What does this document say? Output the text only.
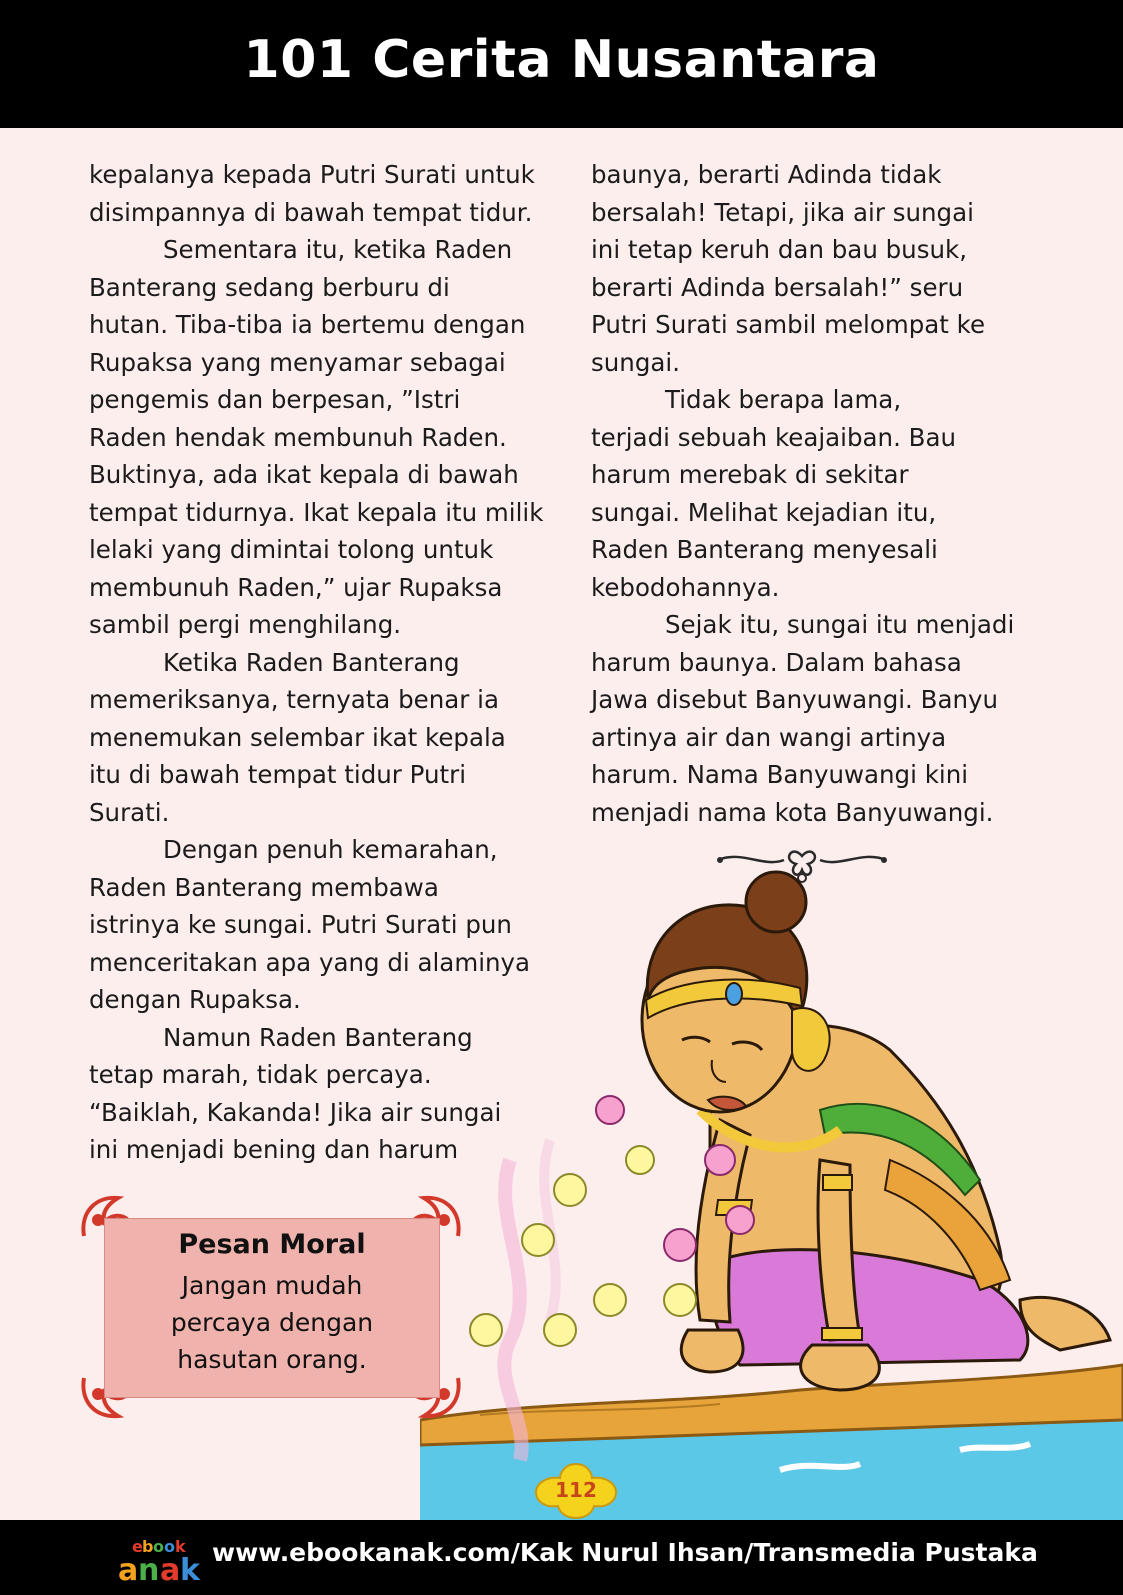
101 Cerita Nusantara
kepalanya kepada Putri Surati untuk
disimpannya di bawah tempat tidur.
Sementara itu, ketika Raden
Banterang sedang berburu di
hutan. Tiba-tiba ia bertemu dengan
Rupaksa yang menyamar sebagai
pengemis dan berpesan, ”Istri
Raden hendak membunuh Raden.
Buktinya, ada ikat kepala di bawah
tempat tidurnya. Ikat kepala itu milik
lelaki yang dimintai tolong untuk
membunuh Raden,” ujar Rupaksa
sambil pergi menghilang.
Ketika Raden Banterang
memeriksanya, ternyata benar ia
menemukan selembar ikat kepala
itu di bawah tempat tidur Putri
Surati.
Dengan penuh kemarahan,
Raden Banterang membawa
istrinya ke sungai. Putri Surati pun
menceritakan apa yang di alaminya
dengan Rupaksa.
Namun Raden Banterang
tetap marah, tidak percaya.
“Baiklah, Kakanda! Jika air sungai
ini menjadi bening dan harum
baunya, berarti Adinda tidak
bersalah! Tetapi, jika air sungai
ini tetap keruh dan bau busuk,
berarti Adinda bersalah!” seru
Putri Surati sambil melompat ke
sungai.
Tidak berapa lama,
terjadi sebuah keajaiban. Bau
harum merebak di sekitar
sungai. Melihat kejadian itu,
Raden Banterang menyesali
kebodohannya.
Sejak itu, sungai itu menjadi
harum baunya. Dalam bahasa
Jawa disebut Banyuwangi. Banyu
artinya air dan wangi artinya
harum. Nama Banyuwangi kini
menjadi nama kota Banyuwangi.
Pesan Moral
Jangan mudah
percaya dengan
hasutan orang.
112
e b o o k
a n a k
www.ebookanak.com/Kak Nurul Ihsan/Transmedia Pustaka
